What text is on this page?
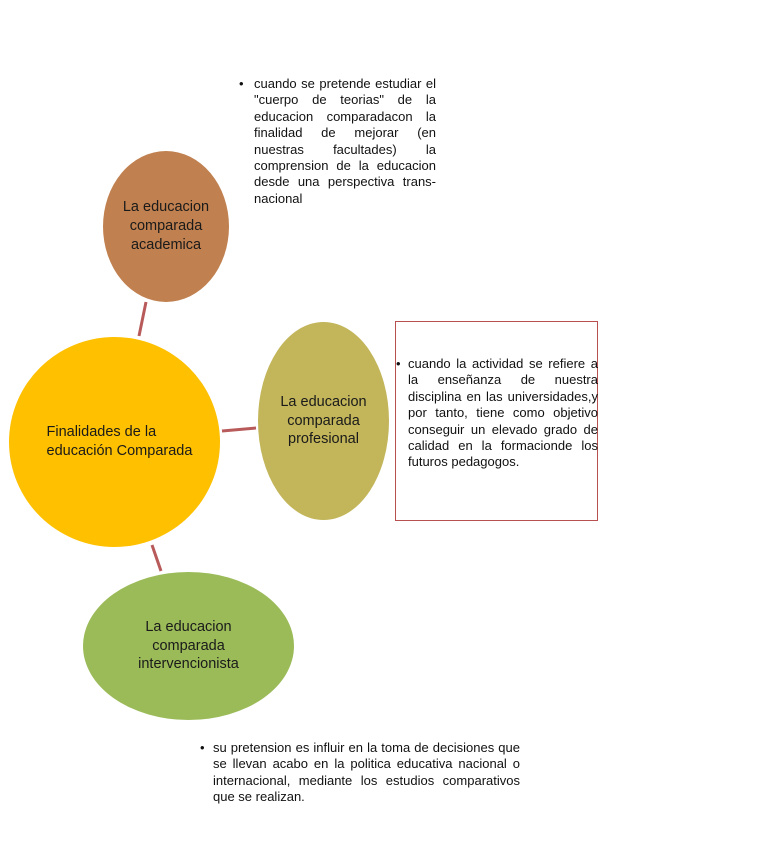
Finalidades de la educación Comparada
La educacion comparada academica
La educacion comparada profesional
La educacion comparada intervencionista
• cuando se pretende estudiar el "cuerpo de teorias" de la educacion comparadacon la finalidad de mejorar (en nuestras facultades) la comprension de la educacion desde una perspectiva trans-nacional
• cuando la actividad se refiere a la enseñanza de nuestra disciplina en las universidades,y por tanto, tiene como objetivo conseguir un elevado grado de calidad en la formacionde los futuros pedagogos.
• su pretension es influir en la toma de decisiones que se llevan acabo en la politica educativa nacional o internacional, mediante los estudios comparativos que se realizan.
